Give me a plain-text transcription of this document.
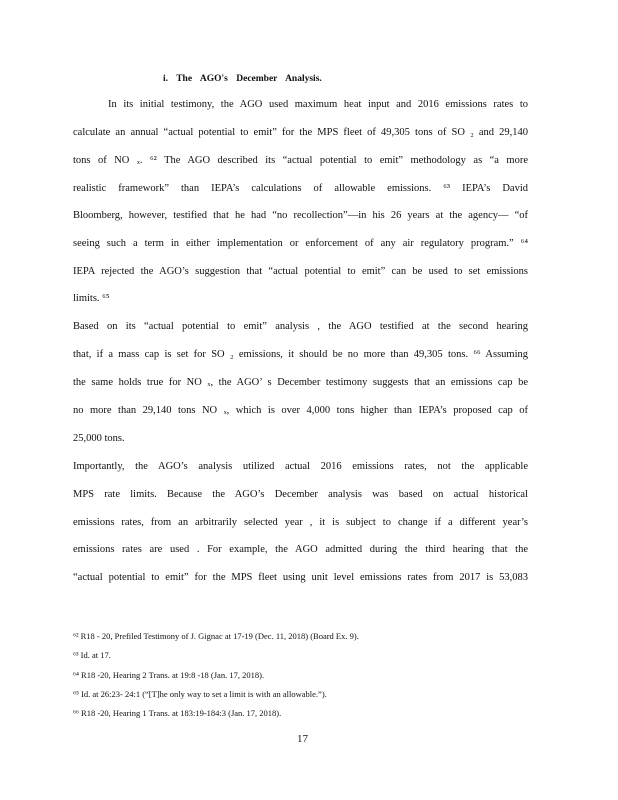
i. The AGO's December Analysis.
In its initial testimony, the AGO used maximum heat input and 2016 emissions rates to
calculate an annual “actual potential to emit” for the MPS fleet of 49,305 tons of SO ₂ and 29,140
tons of NO ₓ. ⁶² The AGO described its “actual potential to emit” methodology as “a more
realistic framework” than IEPA’s calculations of allowable emissions. ⁶³ IEPA’s David
Bloomberg, however, testified that he had “no recollection”—in his 26 years at the agency— “of
seeing such a term in either implementation or enforcement of any air regulatory program.” ⁶⁴
IEPA rejected the AGO’s suggestion that “actual potential to emit” can be used to set emissions
limits. ⁶⁵
Based on its “actual potential to emit” analysis , the AGO testified at the second hearing
that, if a mass cap is set for SO ₂ emissions, it should be no more than 49,305 tons. ⁶⁶ Assuming
the same holds true for NO ₓ, the AGO’ s December testimony suggests that an emissions cap be
no more than 29,140 tons NO ₓ, which is over 4,000 tons higher than IEPA’s proposed cap of
25,000 tons.
Importantly, the AGO’s analysis utilized actual 2016 emissions rates, not the applicable
MPS rate limits. Because the AGO’s December analysis was based on actual historical
emissions rates, from an arbitrarily selected year , it is subject to change if a different year’s
emissions rates are used . For example, the AGO admitted during the third hearing that the
“actual potential to emit” for the MPS fleet using unit level emissions rates from 2017 is 53,083
⁶² R18 - 20, Prefiled Testimony of J. Gignac at 17-19 (Dec. 11, 2018) (Board Ex. 9).
⁶³ Id. at 17.
⁶⁴ R18 -20, Hearing 2 Trans. at 19:8 -18 (Jan. 17, 2018).
⁶⁵ Id. at 26:23- 24:1 (“[T]he only way to set a limit is with an allowable.”).
⁶⁶ R18 -20, Hearing 1 Trans. at 183:19-184:3 (Jan. 17, 2018).
17
